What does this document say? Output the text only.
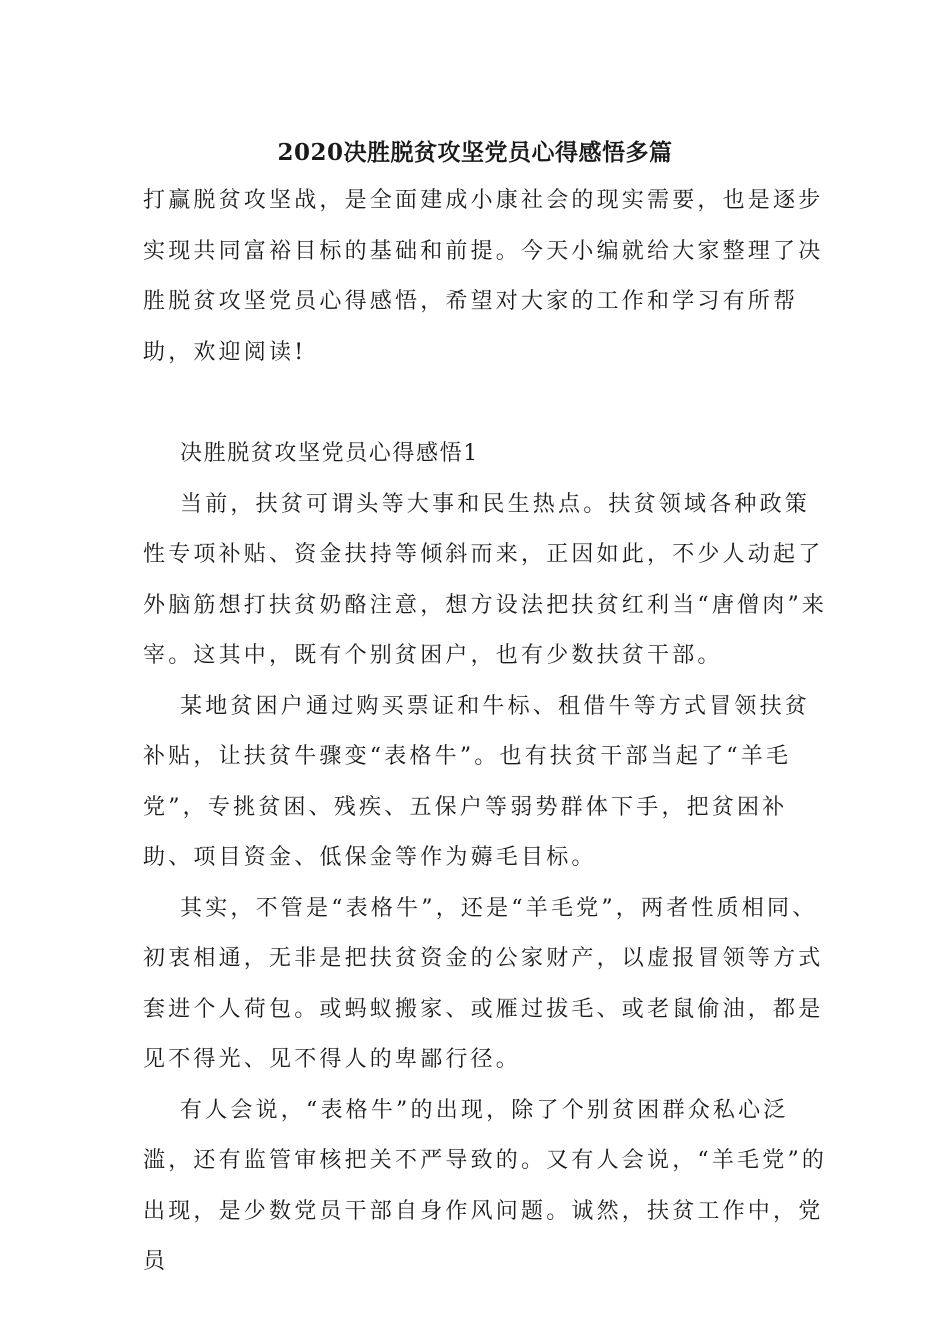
2020决胜脱贫攻坚党员心得感悟多篇

打赢脱贫攻坚战，是全面建成小康社会的现实需要，也是逐步实现共同富裕目标的基础和前提。今天小编就给大家整理了决胜脱贫攻坚党员心得感悟，希望对大家的工作和学习有所帮助，欢迎阅读!

决胜脱贫攻坚党员心得感悟1

当前，扶贫可谓头等大事和民生热点。扶贫领域各种政策性专项补贴、资金扶持等倾斜而来，正因如此，不少人动起了外脑筋想打扶贫奶酪注意，想方设法把扶贫红利当“唐僧肉”来宰。这其中，既有个别贫困户，也有少数扶贫干部。

某地贫困户通过购买票证和牛标、租借牛等方式冒领扶贫补贴，让扶贫牛骤变“表格牛”。也有扶贫干部当起了“羊毛党”，专挑贫困、残疾、五保户等弱势群体下手，把贫困补助、项目资金、低保金等作为薅毛目标。

其实，不管是“表格牛”，还是“羊毛党”，两者性质相同、初衷相通，无非是把扶贫资金的公家财产，以虚报冒领等方式套进个人荷包。或蚂蚁搬家、或雁过拔毛、或老鼠偷油，都是见不得光、见不得人的卑鄙行径。

有人会说，“表格牛”的出现，除了个别贫困群众私心泛滥，还有监管审核把关不严导致的。又有人会说，“羊毛党”的出现，是少数党员干部自身作风问题。诚然，扶贫工作中，党员
